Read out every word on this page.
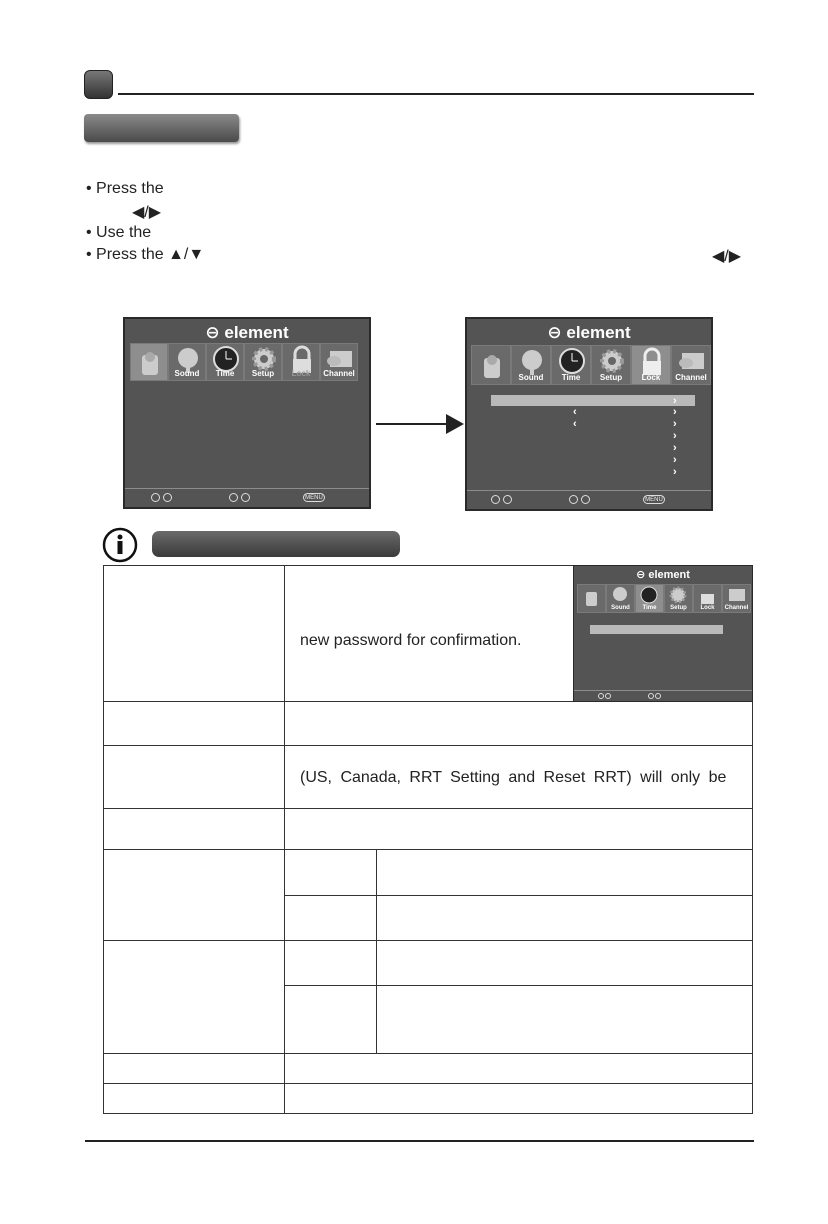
• Press the
◀/▶
• Use the
• Press the ▲/▼	◀/▶
⊖ element
Sound	Time	Setup	Lock	Channel
MENU
⊖ element
Sound	Time	Setup	Lock	Channel
›
‹	›
‹	›
›
›
›
›
MENU
⊖ element
Sound	Time	Setup	Lock	Channel
new password for confirmation.
(US, Canada, RRT Setting and Reset RRT) will only be
